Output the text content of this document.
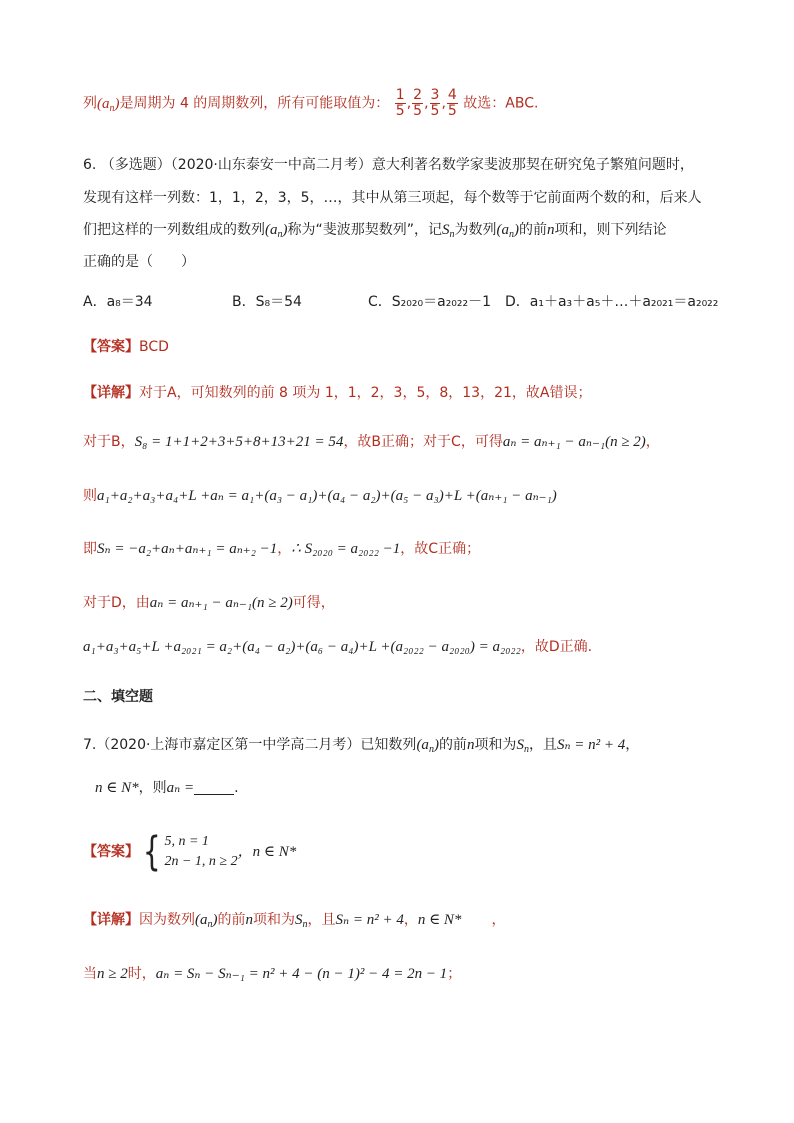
列$(a_n)$是周期为 4 的周期数列，所有可能取值为： $\frac{1}{5}$ , $\frac{2}{5}$ , $\frac{3}{5}$ , $\frac{4}{5}$ 故选：ABC.
6. （多选题）（2020·山东泰安一中高二月考）意大利著名数学家斐波那契在研究兔子繁殖问题时，
发现有这样一列数：1，1，2，3，5，…，其中从第三项起，每个数等于它前面两个数的和，后来人
们把这样的一列数组成的数列$(a_n)$称为“斐波那契数列”，记$S_n$为数列$(a_n)$的前n项和，则下列结论
正确的是（　　）
A．a₈＝34	B．S₈＝54	C．S₂₀₂₀＝a₂₀₂₂－1 D．a₁＋a₃＋a₅＋…＋a₂₀₂₁＝a₂₀₂₂
【答案】BCD
【详解】对于A，可知数列的前 8 项为 1，1，2，3，5，8，13，21，故A错误；
对于B，S₈ = 1+1+2+3+5+8+13+21 = 54，故B正确；对于C，可得aₙ = aₙ₊₁ − aₙ₋₁(n ≥ 2)，
则a₁+a₂+a₃+a₄+L +aₙ = a₁+(a₃ − a₁)+(a₄ − a₂)+(a₅ − a₃)+L +(aₙ₊₁ − aₙ₋₁)
即Sₙ = −a₂+aₙ+aₙ₊₁ = aₙ₊₂ −1，∴ S₂₀₂₀ = a₂₀₂₂ −1，故C正确；
对于D，由aₙ = aₙ₊₁ − aₙ₋₁(n ≥ 2)可得，
a₁+a₃+a₅+L +a₂₀₂₁ = a₂+(a₄ − a₂)+(a₆ − a₄)+L +(a₂₀₂₂ − a₂₀₂₀) = a₂₀₂₂，故D正确.
二、填空题
7.（2020·上海市嘉定区第一中学高二月考）已知数列$(a_n)$的前n项和为$S_n$，且Sₙ = n² + 4，
n ∈ N*，则aₙ =	.
【答案】{ 5, n = 1
2n − 1, n ≥ 2
，n ∈ N*
【详解】因为数列$(a_n)$的前n项和为$S_n$，且Sₙ = n² + 4，n ∈ N* ，
当n ≥ 2时，aₙ = Sₙ − Sₙ₋₁ = n² + 4 − (n − 1)² − 4 = 2n − 1；
